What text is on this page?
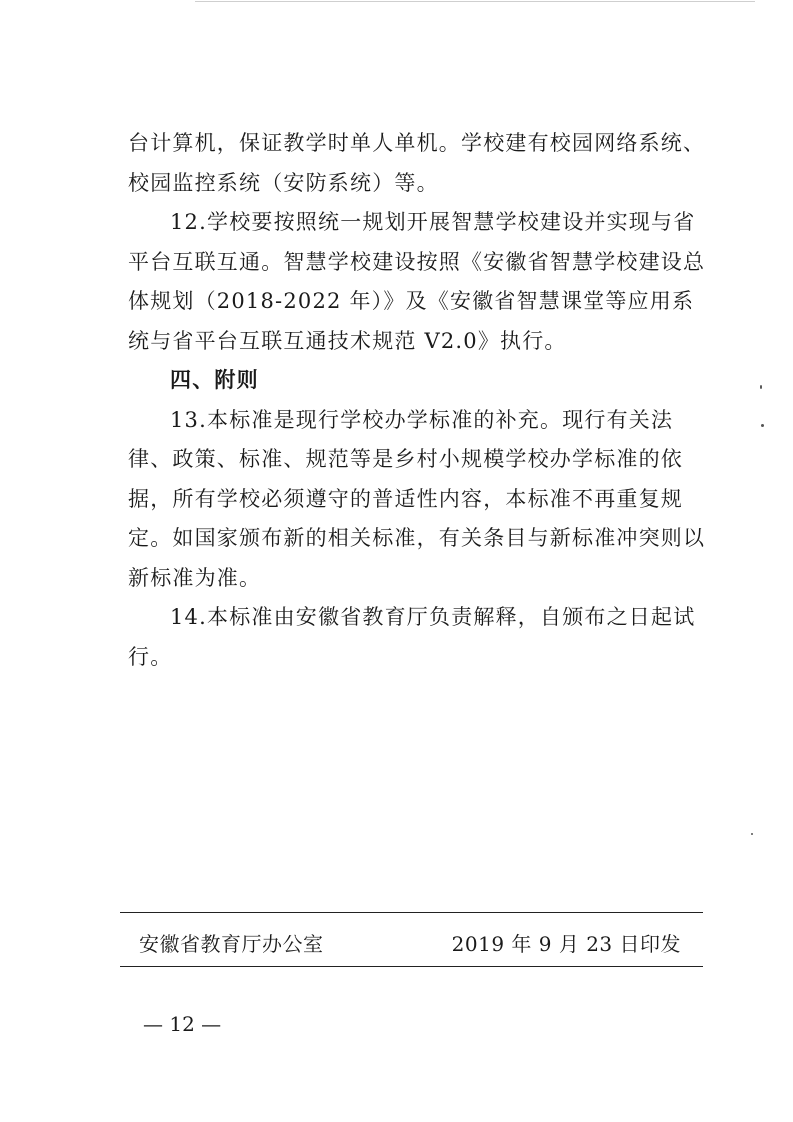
台计算机，保证教学时单人单机。学校建有校园网络系统、校园监控系统（安防系统）等。

12.学校要按照统一规划开展智慧学校建设并实现与省平台互联互通。智慧学校建设按照《安徽省智慧学校建设总体规划（2018-2022 年）》及《安徽省智慧课堂等应用系统与省平台互联互通技术规范 V2.0》执行。

四、附则

13.本标准是现行学校办学标准的补充。现行有关法律、政策、标准、规范等是乡村小规模学校办学标准的依据，所有学校必须遵守的普适性内容，本标准不再重复规定。如国家颁布新的相关标准，有关条目与新标准冲突则以新标准为准。

14.本标准由安徽省教育厅负责解释，自颁布之日起试行。

安徽省教育厅办公室	2019 年 9 月 23 日印发
— 12 —
